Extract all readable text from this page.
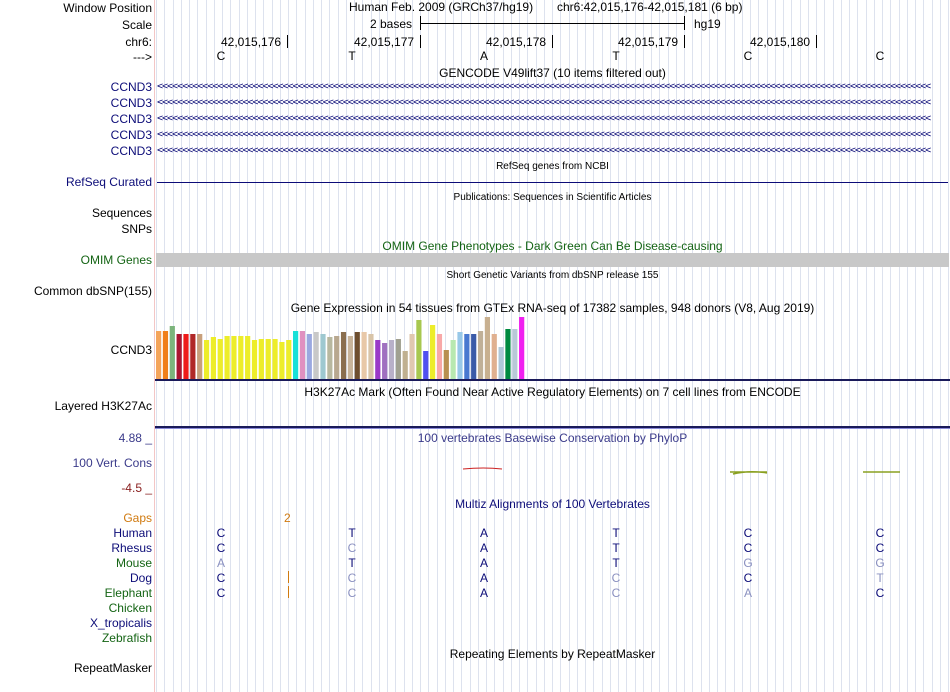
Window Position
Scale
chr6:
--->
Human Feb. 2009 (GRCh37/hg19) chr6:42,015,176-42,015,181 (6 bp)
2 bases	hg19
42,015,176	42,015,177	42,015,178	42,015,179	42,015,180
C	T	A	T	C	C
GENCODE V49lift37 (10 items filtered out)
CCND3 <<<<<<<<<<<<<<<<<<<<<<<<<<<<<<<<<<<<<<<<<<<<<<<<<<<<<<<<<<<<<<<<<<<<<<<<<<<<<<<<<<<<<<<<<<<<<<<<<<<<<<<<<<<<<<<<<<<<<<<<<<<<<<<<<<<<<<<<<<<<<<<<<<<<<<<<<<
CCND3 <<<<<<<<<<<<<<<<<<<<<<<<<<<<<<<<<<<<<<<<<<<<<<<<<<<<<<<<<<<<<<<<<<<<<<<<<<<<<<<<<<<<<<<<<<<<<<<<<<<<<<<<<<<<<<<<<<<<<<<<<<<<<<<<<<<<<<<<<<<<<<<<<<<<<<<<<<
CCND3 <<<<<<<<<<<<<<<<<<<<<<<<<<<<<<<<<<<<<<<<<<<<<<<<<<<<<<<<<<<<<<<<<<<<<<<<<<<<<<<<<<<<<<<<<<<<<<<<<<<<<<<<<<<<<<<<<<<<<<<<<<<<<<<<<<<<<<<<<<<<<<<<<<<<<<<<<<
CCND3 <<<<<<<<<<<<<<<<<<<<<<<<<<<<<<<<<<<<<<<<<<<<<<<<<<<<<<<<<<<<<<<<<<<<<<<<<<<<<<<<<<<<<<<<<<<<<<<<<<<<<<<<<<<<<<<<<<<<<<<<<<<<<<<<<<<<<<<<<<<<<<<<<<<<<<<<<<
CCND3 <<<<<<<<<<<<<<<<<<<<<<<<<<<<<<<<<<<<<<<<<<<<<<<<<<<<<<<<<<<<<<<<<<<<<<<<<<<<<<<<<<<<<<<<<<<<<<<<<<<<<<<<<<<<<<<<<<<<<<<<<<<<<<<<<<<<<<<<<<<<<<<<<<<<<<<<<<
RefSeq genes from NCBI
RefSeq Curated
Publications: Sequences in Scientific Articles
Sequences
SNPs
OMIM Gene Phenotypes - Dark Green Can Be Disease-causing
OMIM Genes
Short Genetic Variants from dbSNP release 155
Common dbSNP(155)
Gene Expression in 54 tissues from GTEx RNA-seq of 17382 samples, 948 donors (V8, Aug 2019)
CCND3
H3K27Ac Mark (Often Found Near Active Regulatory Elements) on 7 cell lines from ENCODE
Layered H3K27Ac
100 vertebrates Basewise Conservation by PhyloP
4.88 _
100 Vert. Cons
-4.5 _
Multiz Alignments of 100 Vertebrates
Gaps	2
Human	C	T	A	T	C	C
Rhesus	C	C	A	T	C	C
Mouse	A	T	A	T	G	G
Dog	C	C	A	C	C	T
Elephant	C	C	A	C	A	C
Chicken
X_tropicalis
Zebrafish
Repeating Elements by RepeatMasker
RepeatMasker
